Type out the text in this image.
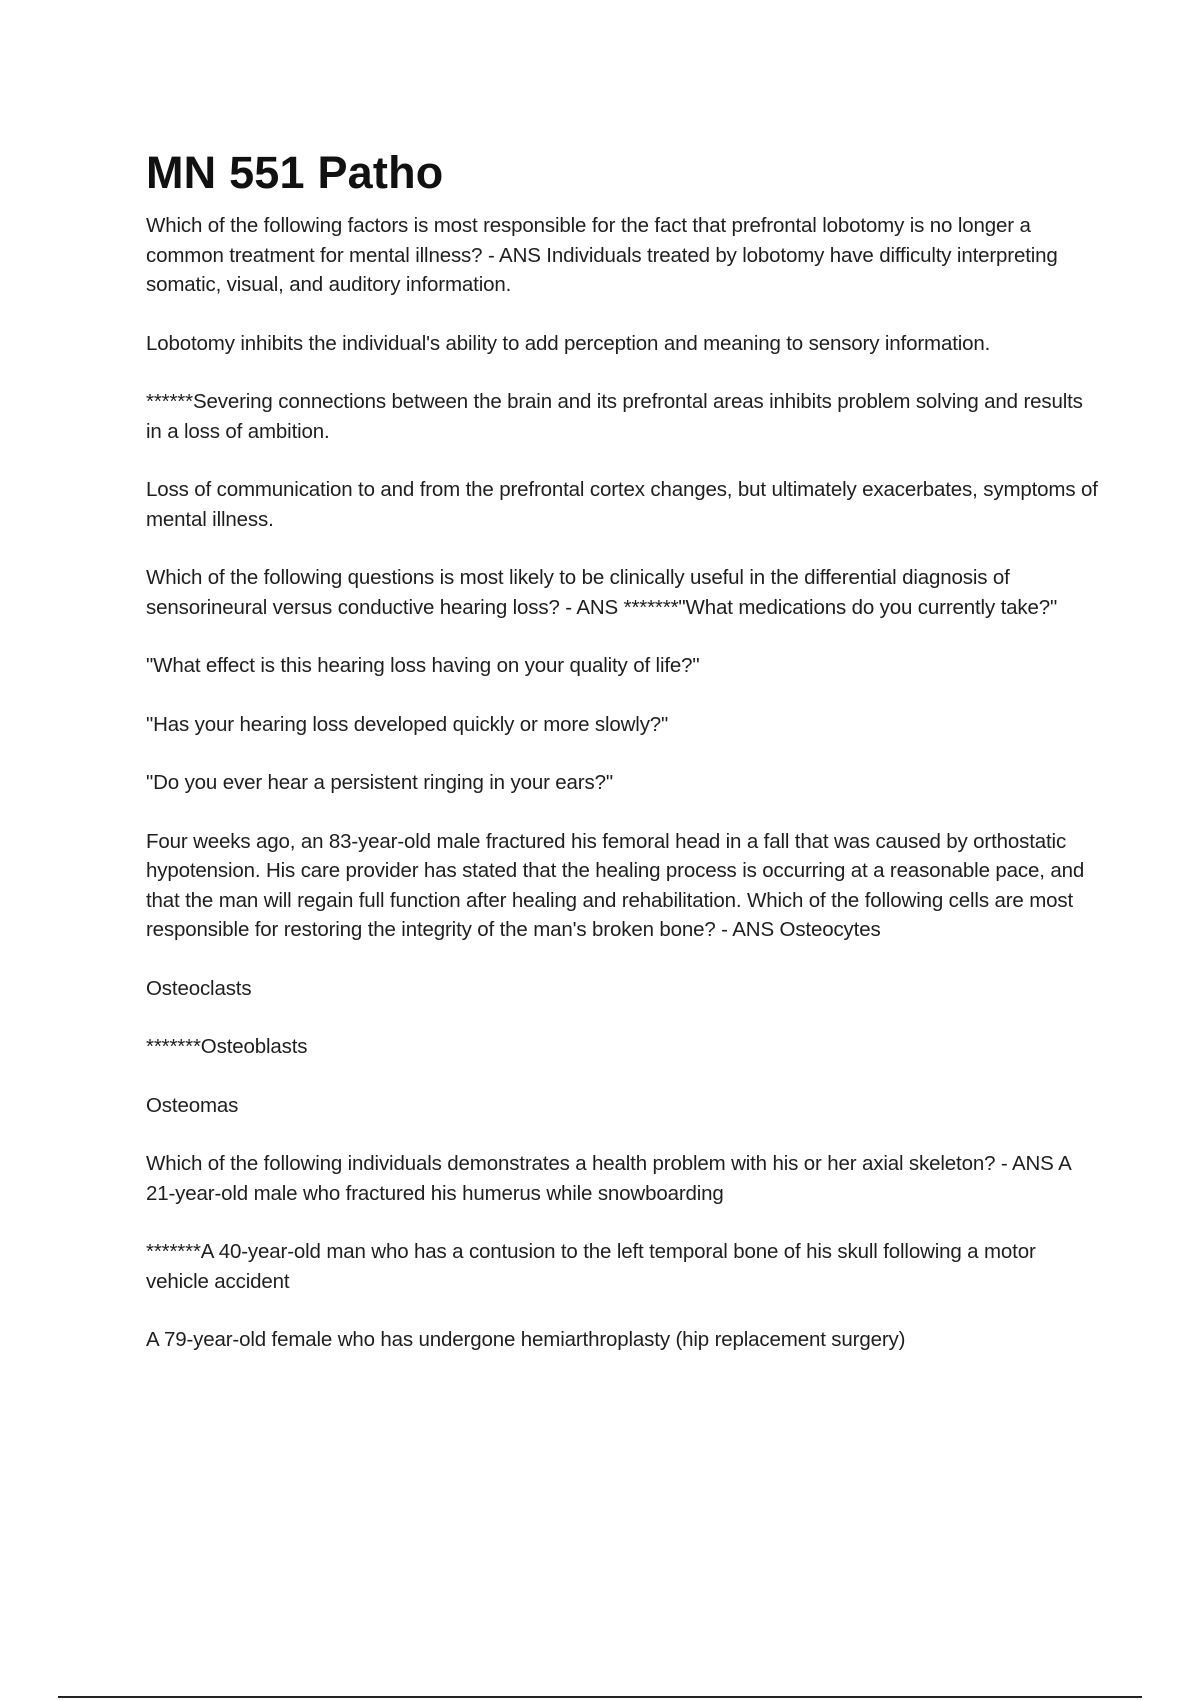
MN 551 Patho

Which of the following factors is most responsible for the fact that prefrontal lobotomy is no longer a common treatment for mental illness? - ANS Individuals treated by lobotomy have difficulty interpreting somatic, visual, and auditory information.

Lobotomy inhibits the individual's ability to add perception and meaning to sensory information.

******Severing connections between the brain and its prefrontal areas inhibits problem solving and results in a loss of ambition.

Loss of communication to and from the prefrontal cortex changes, but ultimately exacerbates, symptoms of mental illness.

Which of the following questions is most likely to be clinically useful in the differential diagnosis of sensorineural versus conductive hearing loss? - ANS *******"What medications do you currently take?"

"What effect is this hearing loss having on your quality of life?"

"Has your hearing loss developed quickly or more slowly?"

"Do you ever hear a persistent ringing in your ears?"

Four weeks ago, an 83-year-old male fractured his femoral head in a fall that was caused by orthostatic hypotension. His care provider has stated that the healing process is occurring at a reasonable pace, and that the man will regain full function after healing and rehabilitation. Which of the following cells are most responsible for restoring the integrity of the man's broken bone? - ANS Osteocytes

Osteoclasts

*******Osteoblasts

Osteomas

Which of the following individuals demonstrates a health problem with his or her axial skeleton? - ANS A 21-year-old male who fractured his humerus while snowboarding

*******A 40-year-old man who has a contusion to the left temporal bone of his skull following a motor vehicle accident

A 79-year-old female who has undergone hemiarthroplasty (hip replacement surgery)
